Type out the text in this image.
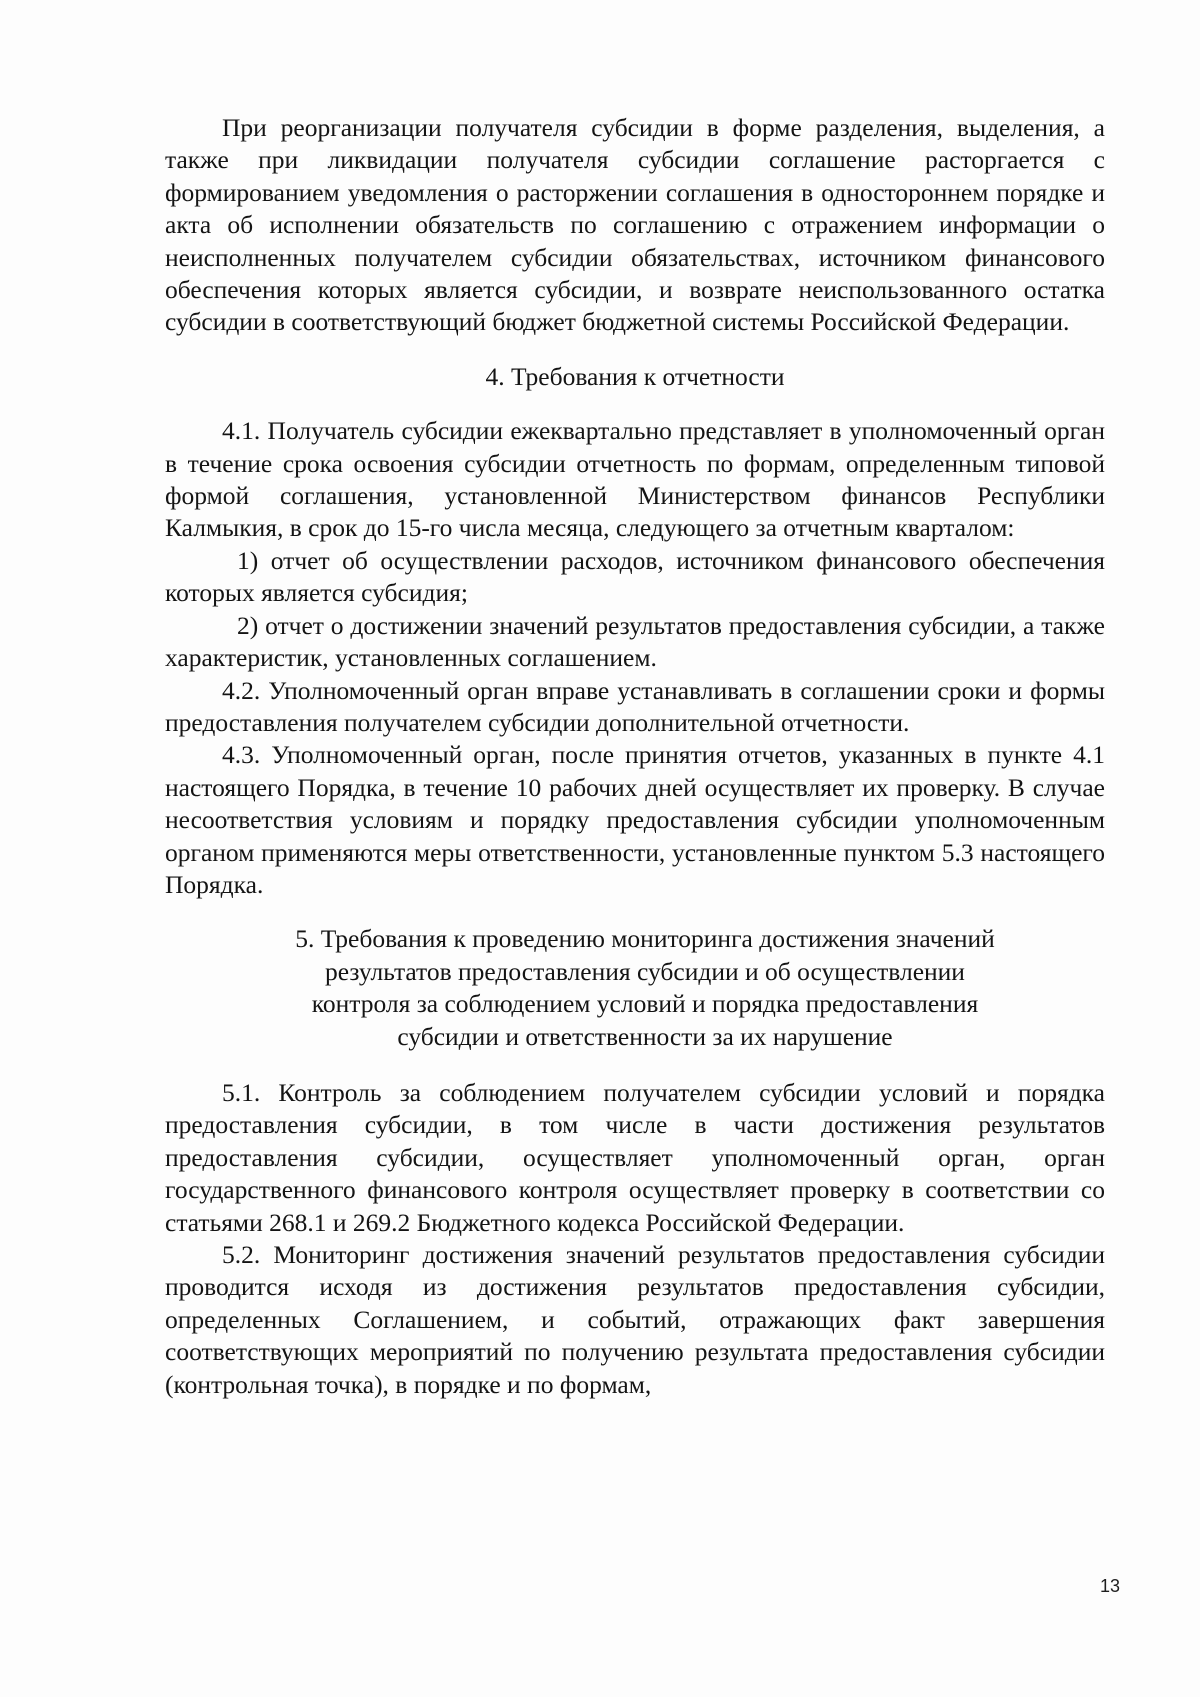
При реорганизации получателя субсидии в форме разделения, выделения, а также при ликвидации получателя субсидии соглашение расторгается с формированием уведомления о расторжении соглашения в одностороннем порядке и акта об исполнении обязательств по соглашению с отражением информации о неисполненных получателем субсидии обязательствах, источником финансового обеспечения которых является субсидии, и возврате неиспользованного остатка субсидии в соответствующий бюджет бюджетной системы Российской Федерации.

4. Требования к отчетности

4.1. Получатель субсидии ежеквартально представляет в уполномоченный орган в течение срока освоения субсидии отчетность по формам, определенным типовой формой соглашения, установленной Министерством финансов Республики Калмыкия, в срок до 15-го числа месяца, следующего за отчетным кварталом:

1) отчет об осуществлении расходов, источником финансового обеспечения которых является субсидия;

2) отчет о достижении значений результатов предоставления субсидии, а также характеристик, установленных соглашением.

4.2. Уполномоченный орган вправе устанавливать в соглашении сроки и формы предоставления получателем субсидии дополнительной отчетности.

4.3. Уполномоченный орган, после принятия отчетов, указанных в пункте 4.1 настоящего Порядка, в течение 10 рабочих дней осуществляет их проверку. В случае несоответствия условиям и порядку предоставления субсидии уполномоченным органом применяются меры ответственности, установленные пунктом 5.3 настоящего Порядка.

5. Требования к проведению мониторинга достижения значений
результатов предоставления субсидии и об осуществлении
контроля за соблюдением условий и порядка предоставления
субсидии и ответственности за их нарушение

5.1. Контроль за соблюдением получателем субсидии условий и порядка предоставления субсидии, в том числе в части достижения результатов предоставления субсидии, осуществляет уполномоченный орган, орган государственного финансового контроля осуществляет проверку в соответствии со статьями 268.1 и 269.2 Бюджетного кодекса Российской Федерации.

5.2. Мониторинг достижения значений результатов предоставления субсидии проводится исходя из достижения результатов предоставления субсидии, определенных Соглашением, и событий, отражающих факт завершения соответствующих мероприятий по получению результата предоставления субсидии (контрольная точка), в порядке и по формам,

13
